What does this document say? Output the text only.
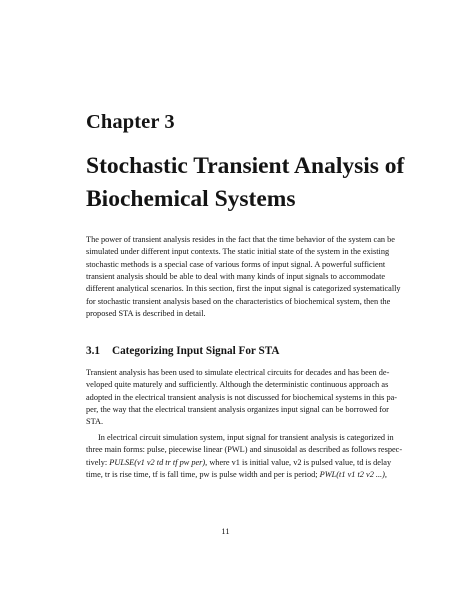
Chapter 3
Stochastic Transient Analysis of
Biochemical Systems

The power of transient analysis resides in the fact that the time behavior of the system can be
simulated under different input contexts. The static initial state of the system in the existing
stochastic methods is a special case of various forms of input signal. A powerful sufficient
transient analysis should be able to deal with many kinds of input signals to accommodate
different analytical scenarios. In this section, first the input signal is categorized systematically
for stochastic transient analysis based on the characteristics of biochemical system, then the
proposed STA is described in detail.

3.1 Categorizing Input Signal For STA

Transient analysis has been used to simulate electrical circuits for decades and has been de-
veloped quite maturely and sufficiently. Although the deterministic continuous approach as
adopted in the electrical transient analysis is not discussed for biochemical systems in this pa-
per, the way that the electrical transient analysis organizes input signal can be borrowed for
STA.

In electrical circuit simulation system, input signal for transient analysis is categorized in
three main forms: pulse, piecewise linear (PWL) and sinusoidal as described as follows respec-
tively: PULSE(v1 v2 td tr tf pw per), where v1 is initial value, v2 is pulsed value, td is delay
time, tr is rise time, tf is fall time, pw is pulse width and per is period; PWL(t1 v1 t2 v2 ...),

11
